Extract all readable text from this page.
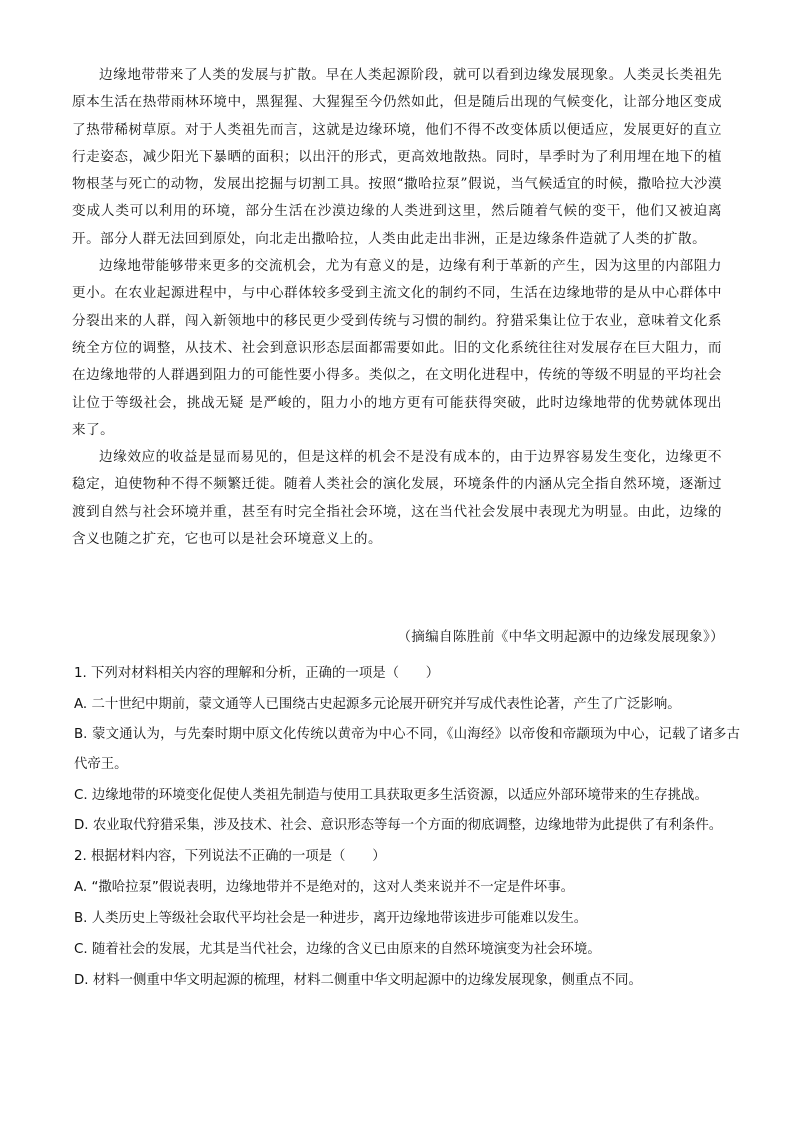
边缘地带带来了人类的发展与扩散。早在人类起源阶段，就可以看到边缘发展现象。人类灵长类祖先原本生活在热带雨林环境中，黑猩猩、大猩猩至今仍然如此，但是随后出现的气候变化，让部分地区变成了热带稀树草原。对于人类祖先而言，这就是边缘环境，他们不得不改变体质以便适应，发展更好的直立行走姿态，减少阳光下暴晒的面积；以出汗的形式，更高效地散热。同时，旱季时为了利用埋在地下的植物根茎与死亡的动物，发展出挖掘与切割工具。按照“撒哈拉泵”假说，当气候适宜的时候，撒哈拉大沙漠变成人类可以利用的环境，部分生活在沙漠边缘的人类进到这里，然后随着气候的变干，他们又被迫离开。部分人群无法回到原处，向北走出撒哈拉，人类由此走出非洲，正是边缘条件造就了人类的扩散。

边缘地带能够带来更多的交流机会，尤为有意义的是，边缘有利于革新的产生，因为这里的内部阻力更小。在农业起源进程中，与中心群体较多受到主流文化的制约不同，生活在边缘地带的是从中心群体中分裂出来的人群，闯入新领地中的移民更少受到传统与习惯的制约。狩猎采集让位于农业，意味着文化系统全方位的调整，从技术、社会到意识形态层面都需要如此。旧的文化系统往往对发展存在巨大阻力，而在边缘地带的人群遇到阻力的可能性要小得多。类似之，在文明化进程中，传统的等级不明显的平均社会让位于等级社会，挑战无疑 是严峻的，阻力小的地方更有可能获得突破，此时边缘地带的优势就体现出来了。

边缘效应的收益是显而易见的，但是这样的机会不是没有成本的，由于边界容易发生变化，边缘更不稳定，迫使物种不得不频繁迁徙。随着人类社会的演化发展，环境条件的内涵从完全指自然环境，逐渐过渡到自然与社会环境并重，甚至有时完全指社会环境，这在当代社会发展中表现尤为明显。由此，边缘的含义也随之扩充，它也可以是社会环境意义上的。

（摘编自陈胜前《中华文明起源中的边缘发展现象》）

1. 下列对材料相关内容的理解和分析，正确的一项是（　　）

A. 二十世纪中期前，蒙文通等人已围绕古史起源多元论展开研究并写成代表性论著，产生了广泛影响。

B. 蒙文通认为，与先秦时期中原文化传统以黄帝为中心不同，《山海经》以帝俊和帝颛顼为中心，记载了诸多古代帝王。

C. 边缘地带的环境变化促使人类祖先制造与使用工具获取更多生活资源，以适应外部环境带来的生存挑战。

D. 农业取代狩猎采集，涉及技术、社会、意识形态等每一个方面的彻底调整，边缘地带为此提供了有利条件。

2. 根据材料内容，下列说法不正确的一项是（　　）

A. “撒哈拉泵”假说表明，边缘地带并不是绝对的，这对人类来说并不一定是件坏事。

B. 人类历史上等级社会取代平均社会是一种进步，离开边缘地带该进步可能难以发生。

C. 随着社会的发展，尤其是当代社会，边缘的含义已由原来的自然环境演变为社会环境。

D. 材料一侧重中华文明起源的梳理，材料二侧重中华文明起源中的边缘发展现象，侧重点不同。
